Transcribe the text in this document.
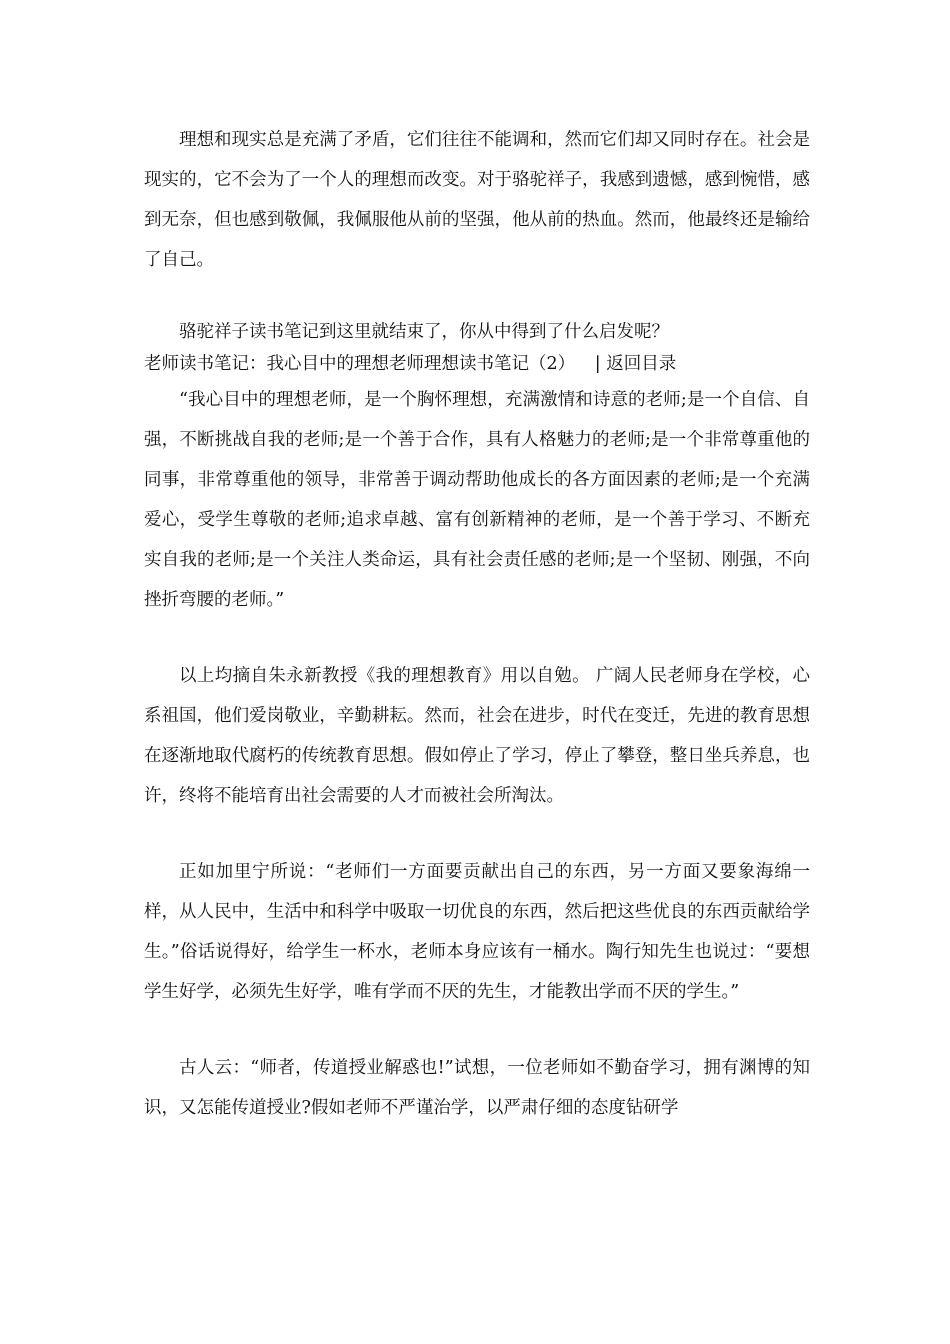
理想和现实总是充满了矛盾，它们往往不能调和，然而它们却又同时存在。社会是现实的，它不会为了一个人的理想而改变。对于骆驼祥子，我感到遗憾，感到惋惜，感到无奈，但也感到敬佩，我佩服他从前的坚强，他从前的热血。然而，他最终还是输给了自己。

骆驼祥子读书笔记到这里就结束了，你从中得到了什么启发呢？

老师读书笔记：我心目中的理想老师理想读书笔记（2） | 返回目录

“我心目中的理想老师，是一个胸怀理想，充满激情和诗意的老师;是一个自信、自强，不断挑战自我的老师;是一个善于合作，具有人格魅力的老师;是一个非常尊重他的同事，非常尊重他的领导，非常善于调动帮助他成长的各方面因素的老师;是一个充满爱心，受学生尊敬的老师;追求卓越、富有创新精神的老师，是一个善于学习、不断充实自我的老师;是一个关注人类命运，具有社会责任感的老师;是一个坚韧、刚强，不向挫折弯腰的老师。”

以上均摘自朱永新教授《我的理想教育》用以自勉。 广阔人民老师身在学校，心系祖国，他们爱岗敬业，辛勤耕耘。然而，社会在进步，时代在变迁，先进的教育思想在逐渐地取代腐朽的传统教育思想。假如停止了学习，停止了攀登，整日坐兵养息，也许，终将不能培育出社会需要的人才而被社会所淘汰。

正如加里宁所说：“老师们一方面要贡献出自己的东西，另一方面又要象海绵一样，从人民中，生活中和科学中吸取一切优良的东西，然后把这些优良的东西贡献给学生。”俗话说得好，给学生一杯水，老师本身应该有一桶水。陶行知先生也说过：“要想学生好学，必须先生好学，唯有学而不厌的先生，才能教出学而不厌的学生。”

古人云：“师者，传道授业解惑也!”试想，一位老师如不勤奋学习，拥有渊博的知识，又怎能传道授业?假如老师不严谨治学，以严肃仔细的态度钻研学
